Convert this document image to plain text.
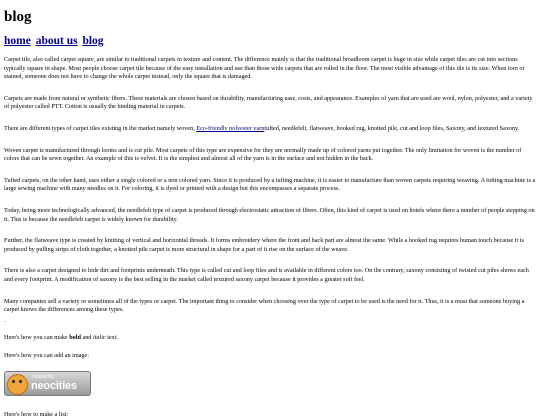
blog
home about us blog

Carpet tile, also called carpet square, are similar to traditional carpets in texture and content. The difference mainly is that the traditional broadloom carpet is huge in size while carpet tiles are cut into sections typically square in shape. Most people choose carpet tile because of the easy installation and use than those wide carpets that are rolled in the floor. The most visible advantage of this tile is its size. When torn or stained, someone does not have to change the whole carpet instead, only the square that is damaged.

Carpets are made from natural or synthetic fibers. These materials are chosen based on durability, manufacturing ease, costs, and appearance. Examples of yarn that are used are wool, nylon, polyester, and a variety of polyester called PTT. Cotton is usually the binding material in carpets.

There are different types of carpet tiles existing in the market namely woven, Eco-friendly polyester yarntufted, needlefelt, flatweave, hooked rug, knotted pile, cut and loop files, Saxony, and textured Saxony.

Woven carpet is manufactured through looms and is cut pile. Most carpets of this type are expensive for they are normally made up of colored yarns put together. The only limitation for woven is the number of colors that can be sewn together. An example of this is velvet. It is the simplest and almost all of the yarn is in the surface and not hidden in the back.

Tufted carpets, on the other hand, uses either a single colored or a non colored yarn. Since it is produced by a tufting machine, it is easier to manufacture than woven carpets requiring weaving. A tufting machine is a large sewing machine with many needles on it. For coloring, it is dyed or printed with a design but this encompasses a separate process.

Today, being more technologically advanced, the needlefelt type of carpet is produced through electrostatic attraction of fibers. Often, this kind of carpet is used on hotels where there a number of people stepping on it. This is because the needlefelt carpet is widely known for durability.

Further, the flatweave type is created by knitting of vertical and horizontal threads. It forms embroidery where the front and back part are almost the same. While a hooked rug requires human touch because it is produced by pulling strips of cloth together, a knotted pile carpet is more structural in shape for a part of it rise on the surface of the weave.

There is also a carpet designed to hide dirt and footprints underneath. This type is called cut and loop files and is available in different colors too. On the contrary, saxony consisting of twisted cut piles shows each and every footprint. A modification of saxony is the best selling in the market called textured saxony carpet because it provides a greater soft feel.

Many companies sell a variety or sometimes all of the types or carpet. The important thing to consider when choosing over the type of carpet to be used is the need for it. Thus, it is a must that someone buying a carpet knows the differences among these types.

.

Here's how you can make bold and italic text.

Here's how you can add an image:

hosted by
neocities

Here's how to make a list:
